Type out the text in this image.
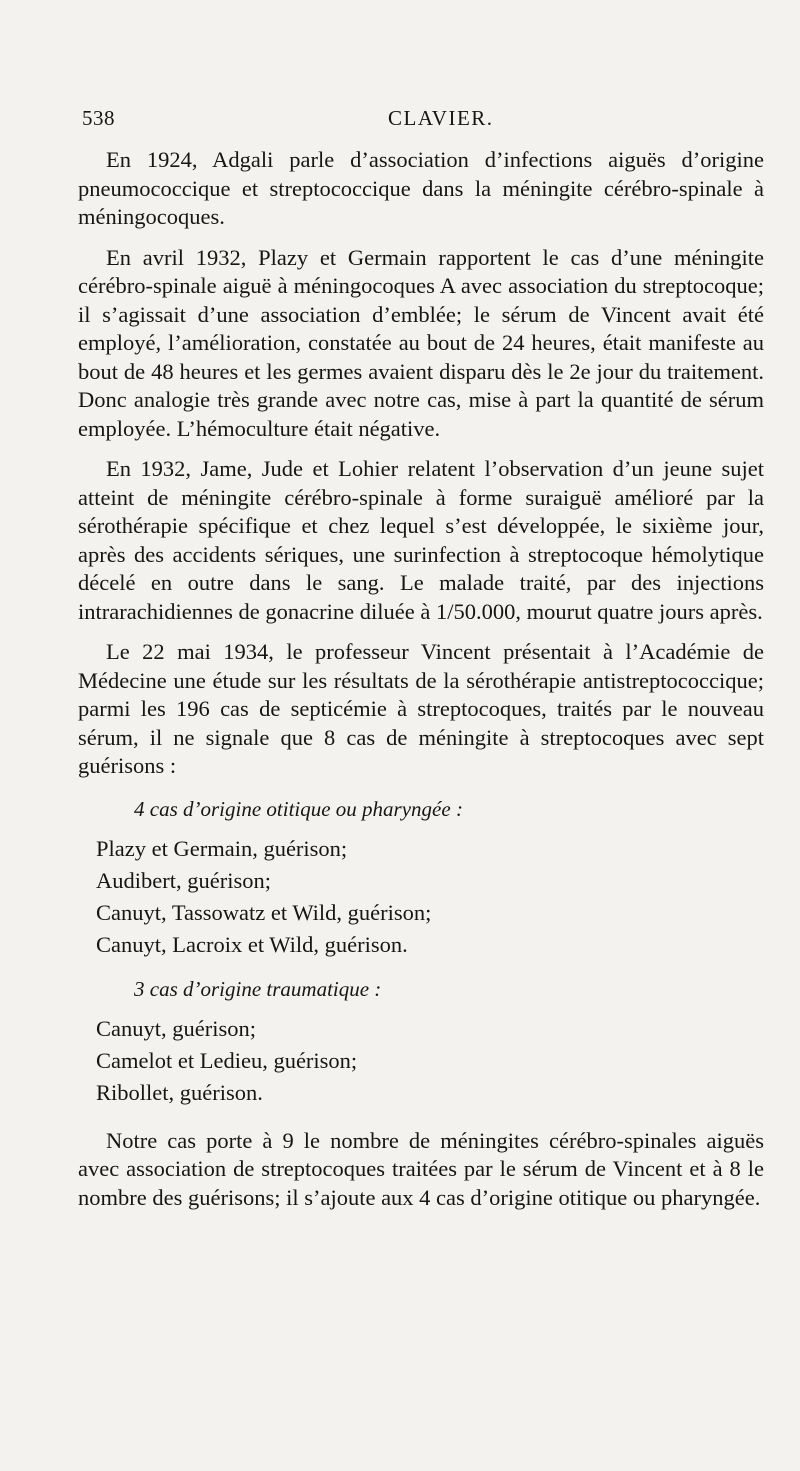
538	CLAVIER.

En 1924, Adgali parle d’association d’infections aiguës d’origine pneumococcique et streptococcique dans la méningite cérébro-spinale à méningocoques.

En avril 1932, Plazy et Germain rapportent le cas d’une méningite cérébro-spinale aiguë à méningocoques A avec association du streptocoque; il s’agissait d’une association d’emblée; le sérum de Vincent avait été employé, l’amélioration, constatée au bout de 24 heures, était manifeste au bout de 48 heures et les germes avaient disparu dès le 2e jour du traitement. Donc analogie très grande avec notre cas, mise à part la quantité de sérum employée. L’hémoculture était négative.

En 1932, Jame, Jude et Lohier relatent l’observation d’un jeune sujet atteint de méningite cérébro-spinale à forme suraiguë amélioré par la sérothérapie spécifique et chez lequel s’est développée, le sixième jour, après des accidents sériques, une surinfection à streptocoque hémolytique décelé en outre dans le sang. Le malade traité, par des injections intrarachidiennes de gonacrine diluée à 1/50.000, mourut quatre jours après.

Le 22 mai 1934, le professeur Vincent présentait à l’Académie de Médecine une étude sur les résultats de la sérothérapie antistreptococcique; parmi les 196 cas de septicémie à streptocoques, traités par le nouveau sérum, il ne signale que 8 cas de méningite à streptocoques avec sept guérisons :

4 cas d’origine otitique ou pharyngée :
Plazy et Germain, guérison;
Audibert, guérison;
Canuyt, Tassowatz et Wild, guérison;
Canuyt, Lacroix et Wild, guérison.
3 cas d’origine traumatique :
Canuyt, guérison;
Camelot et Ledieu, guérison;
Ribollet, guérison.

Notre cas porte à 9 le nombre de méningites cérébro-spinales aiguës avec association de streptocoques traitées par le sérum de Vincent et à 8 le nombre des guérisons; il s’ajoute aux 4 cas d’origine otitique ou pharyngée.
